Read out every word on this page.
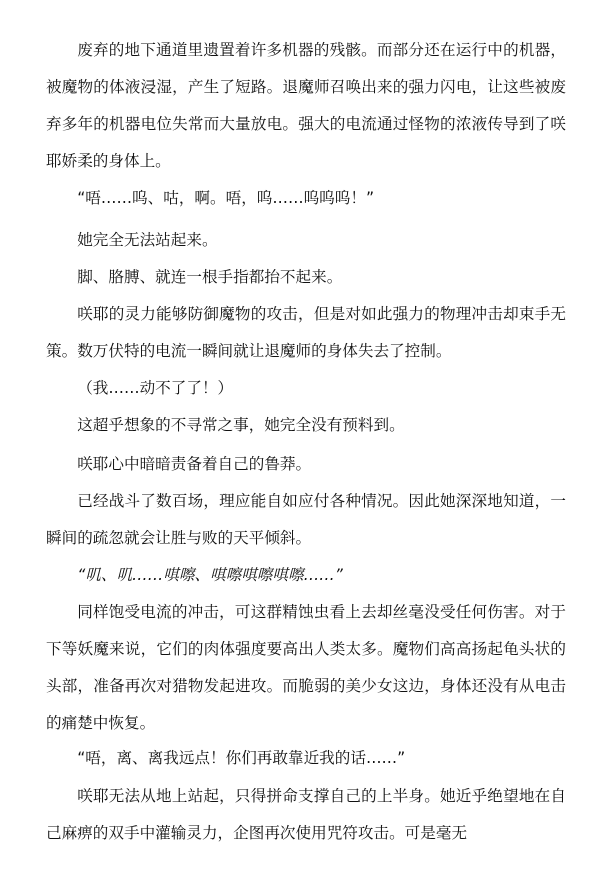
废弃的地下通道里遗置着许多机器的残骸。而部分还在运行中的机器，被魔物的体液浸湿，产生了短路。退魔师召唤出来的强力闪电，让这些被废弃多年的机器电位失常而大量放电。强大的电流通过怪物的浓液传导到了咲耶娇柔的身体上。

“唔……呜、咕，啊。唔，呜……呜呜呜！”

她完全无法站起来。

脚、胳膊、就连一根手指都抬不起来。

咲耶的灵力能够防御魔物的攻击，但是对如此强力的物理冲击却束手无策。数万伏特的电流一瞬间就让退魔师的身体失去了控制。

（我……动不了了！）

这超乎想象的不寻常之事，她完全没有预料到。

咲耶心中暗暗责备着自己的鲁莽。

已经战斗了数百场，理应能自如应付各种情况。因此她深深地知道，一瞬间的疏忽就会让胜与败的天平倾斜。

“叽、叽……唭嚓、唭嚓唭嚓唭嚓……”

同样饱受电流的冲击，可这群精蚀虫看上去却丝毫没受任何伤害。对于下等妖魔来说，它们的肉体强度要高出人类太多。魔物们高高扬起龟头状的头部，准备再次对猎物发起进攻。而脆弱的美少女这边，身体还没有从电击的痛楚中恢复。

“唔，离、离我远点！你们再敢靠近我的话……”

咲耶无法从地上站起，只得拼命支撑自己的上半身。她近乎绝望地在自己麻痹的双手中灌输灵力，企图再次使用咒符攻击。可是毫无
